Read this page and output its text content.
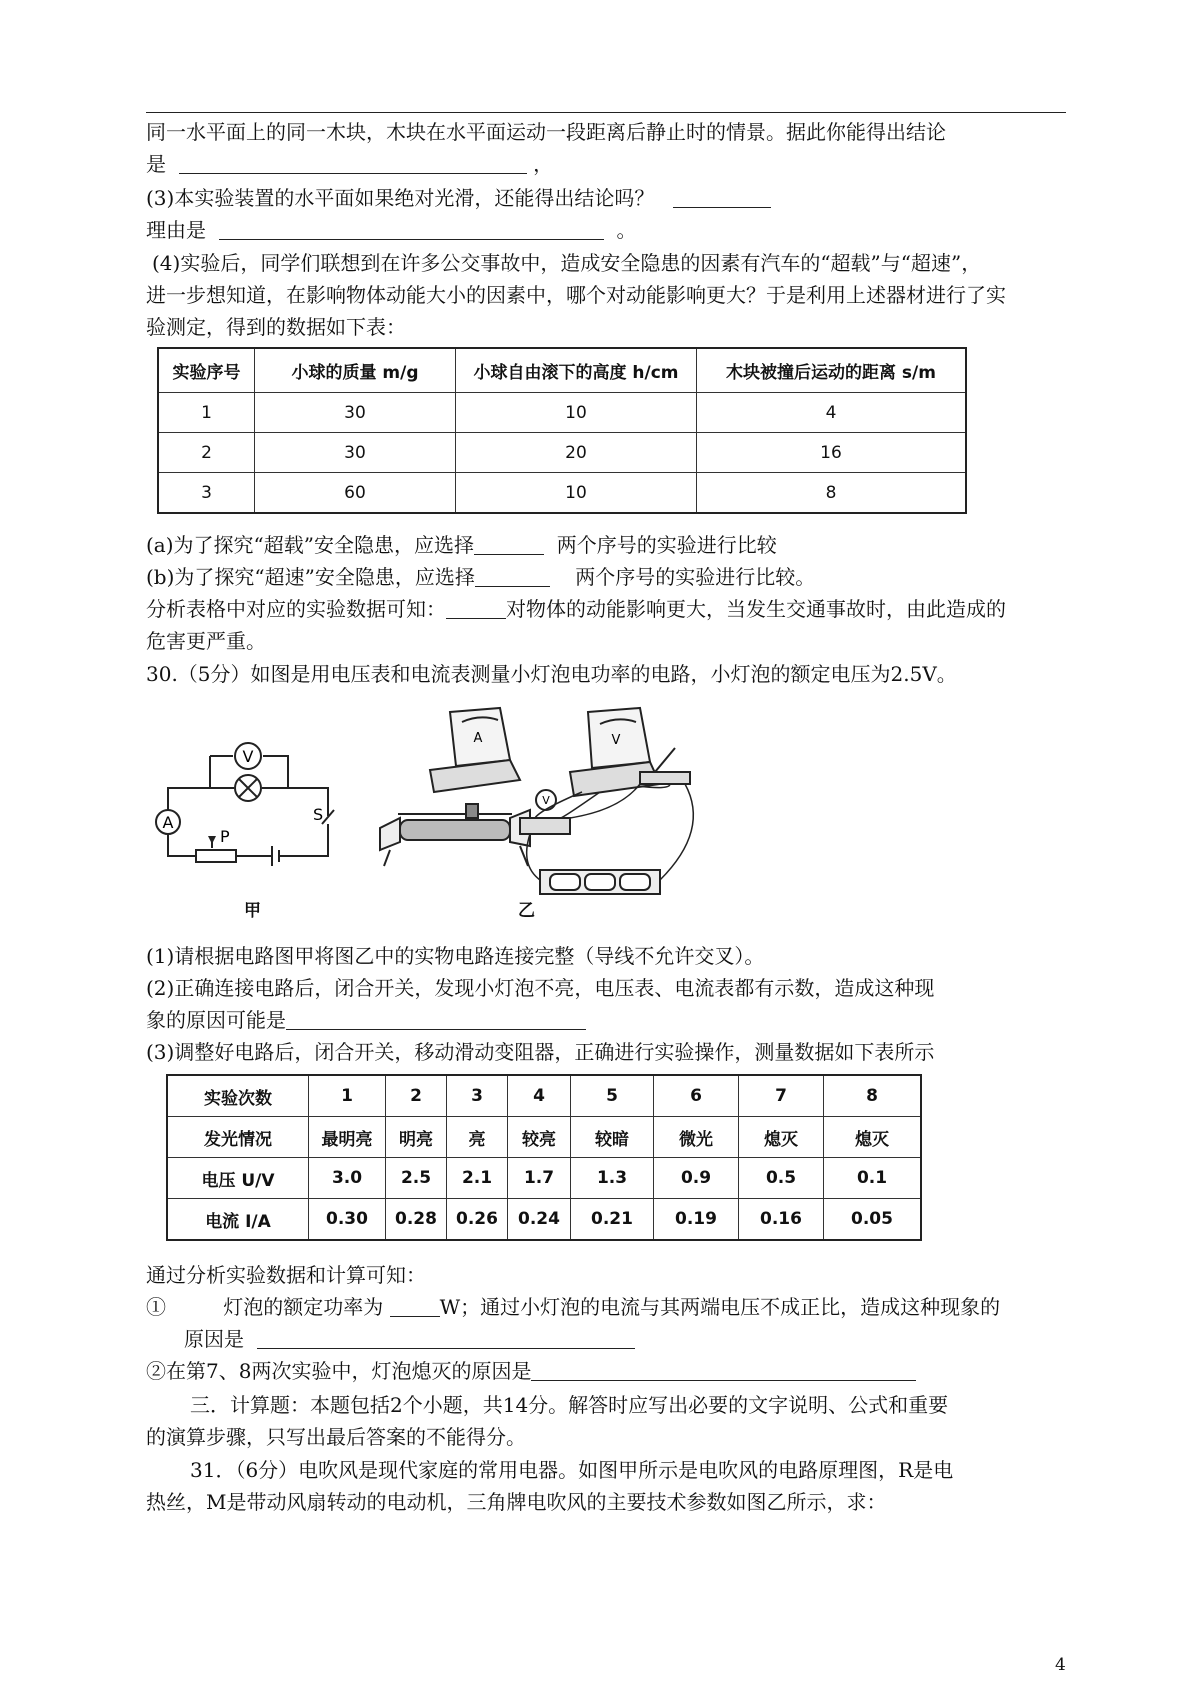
同一水平面上的同一木块，木块在水平面运动一段距离后静止时的情景。据此你能得出结论
是	，
(3)本实验装置的水平面如果绝对光滑，还能得出结论吗？
理由是	。
(4)实验后，同学们联想到在许多公交事故中，造成安全隐患的因素有汽车的“超载”与“超速”，
进一步想知道，在影响物体动能大小的因素中，哪个对动能影响更大？于是利用上述器材进行了实
验测定，得到的数据如下表：
实验序号	小球的质量 m/g	小球自由滚下的高度 h/cm	木块被撞后运动的距离 s/m
1	30	10	4
2	30	20	16
3	60	10	8
(a)为了探究“超载”安全隐患，应选择	两个序号的实验进行比较
(b)为了探究“超速”安全隐患，应选择	两个序号的实验进行比较。
分析表格中对应的实验数据可知：	对物体的动能影响更大，当发生交通事故时，由此造成的
危害更严重。
30.（5分）如图是用电压表和电流表测量小灯泡电功率的电路，小灯泡的额定电压为2.5V。
V
A	S
P
A	V
V
甲	乙
(1)请根据电路图甲将图乙中的实物电路连接完整（导线不允许交叉）。
(2)正确连接电路后，闭合开关，发现小灯泡不亮，电压表、电流表都有示数，造成这种现
象的原因可能是
(3)调整好电路后，闭合开关，移动滑动变阻器，正确进行实验操作，测量数据如下表所示
实验次数	1	2	3	4	5	6	7	8
发光情况	最明亮	明亮	亮	较亮	较暗	微光	熄灭	熄灭
电压 U/V	3.0	2.5	2.1	1.7	1.3	0.9	0.5	0.1
电流 I/A	0.30	0.28	0.26	0.24	0.21	0.19	0.16	0.05
通过分析实验数据和计算可知：
①	灯泡的额定功率为	W；通过小灯泡的电流与其两端电压不成正比，造成这种现象的
原因是
②在第7、8两次实验中，灯泡熄灭的原因是
三．计算题：本题包括2个小题，共14分。解答时应写出必要的文字说明、公式和重要
的演算步骤，只写出最后答案的不能得分。
31．（6分）电吹风是现代家庭的常用电器。如图甲所示是电吹风的电路原理图，R是电
热丝，M是带动风扇转动的电动机，三角牌电吹风的主要技术参数如图乙所示，求：
4
